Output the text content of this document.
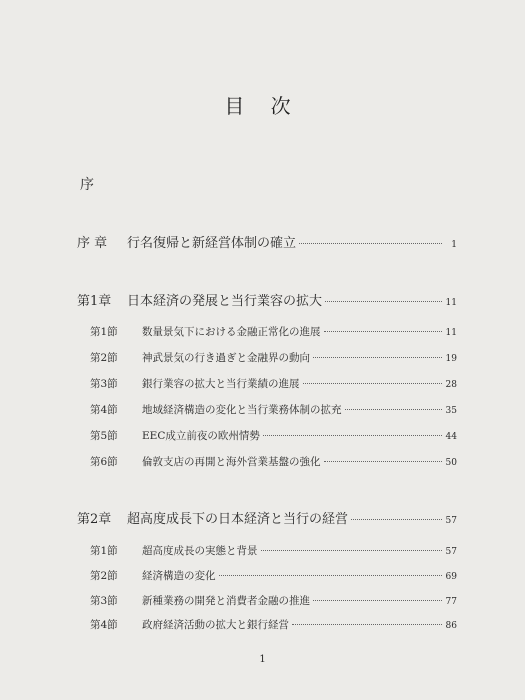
目 次
序
序 章	行名復帰と新経営体制の確立	1
第1章	日本経済の発展と当行業容の拡大	11
第1節	数量景気下における金融正常化の進展	11
第2節	神武景気の行き過ぎと金融界の動向	19
第3節	銀行業容の拡大と当行業績の進展	28
第4節	地域経済構造の変化と当行業務体制の拡充	35
第5節	EEC成立前夜の欧州情勢	44
第6節	倫敦支店の再開と海外営業基盤の強化	50
第2章	超高度成長下の日本経済と当行の経営	57
第1節	超高度成長の実態と背景	57
第2節	経済構造の変化	69
第3節	新種業務の開発と消費者金融の推進	77
第4節	政府経済活動の拡大と銀行経営	86
1
